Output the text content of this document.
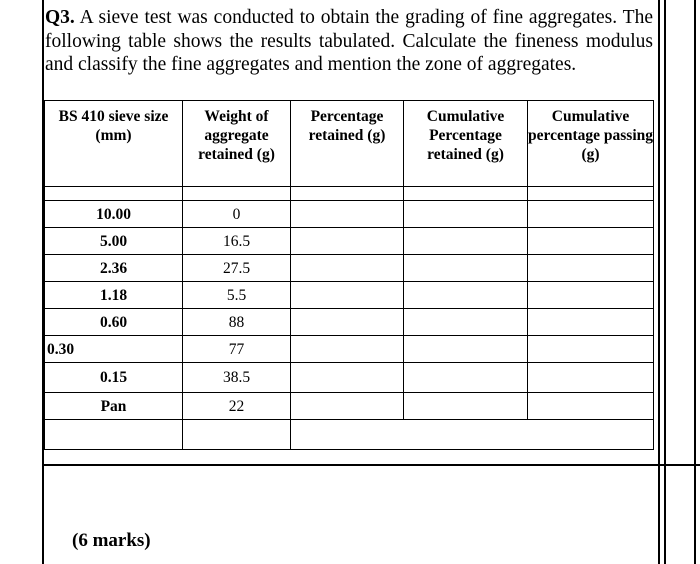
Q3. A sieve test was conducted to obtain the grading of fine aggregates. The following table shows the results tabulated. Calculate the fineness modulus and classify the fine aggregates and mention the zone of aggregates.
BS 410 sieve size (mm)	Weight of aggregate retained (g)	Percentage retained (g)	Cumulative Percentage retained (g)	Cumulative percentage passing (g)

10.00	0			
5.00	16.5			
2.36	27.5			
1.18	5.5			
0.60	88			
0.30	77			
0.15	38.5			
Pan	22			

(6 marks)
